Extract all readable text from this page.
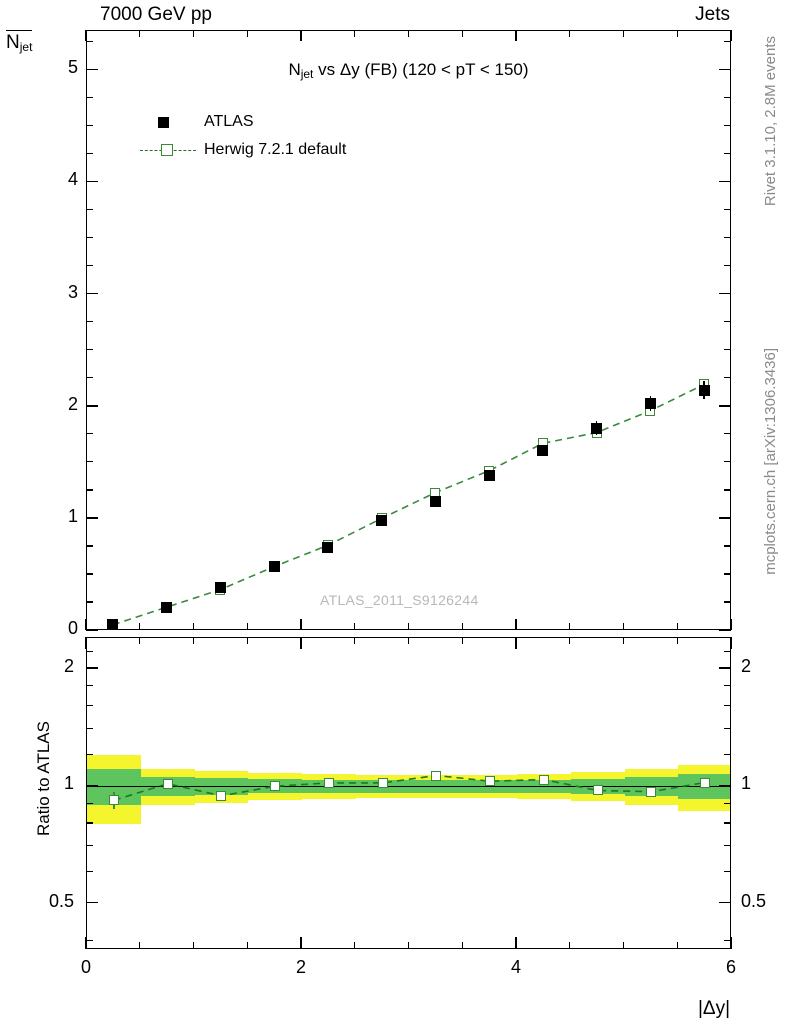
7000 GeV pp	Jets
$N_{jet}$	Rivet 3.1.10, 2.8M events
mcplots.cern.ch [arXiv:1306.3436]
$N_{jet}$ vs Δy (FB) (120 < pT < 150)
ATLAS
Herwig 7.2.1 default
ATLAS_2011_S9126244
0
1
2
3
4
5
0.5	0.5
1	1
2	2
0	2	4	6
Ratio to ATLAS
|Δy|
